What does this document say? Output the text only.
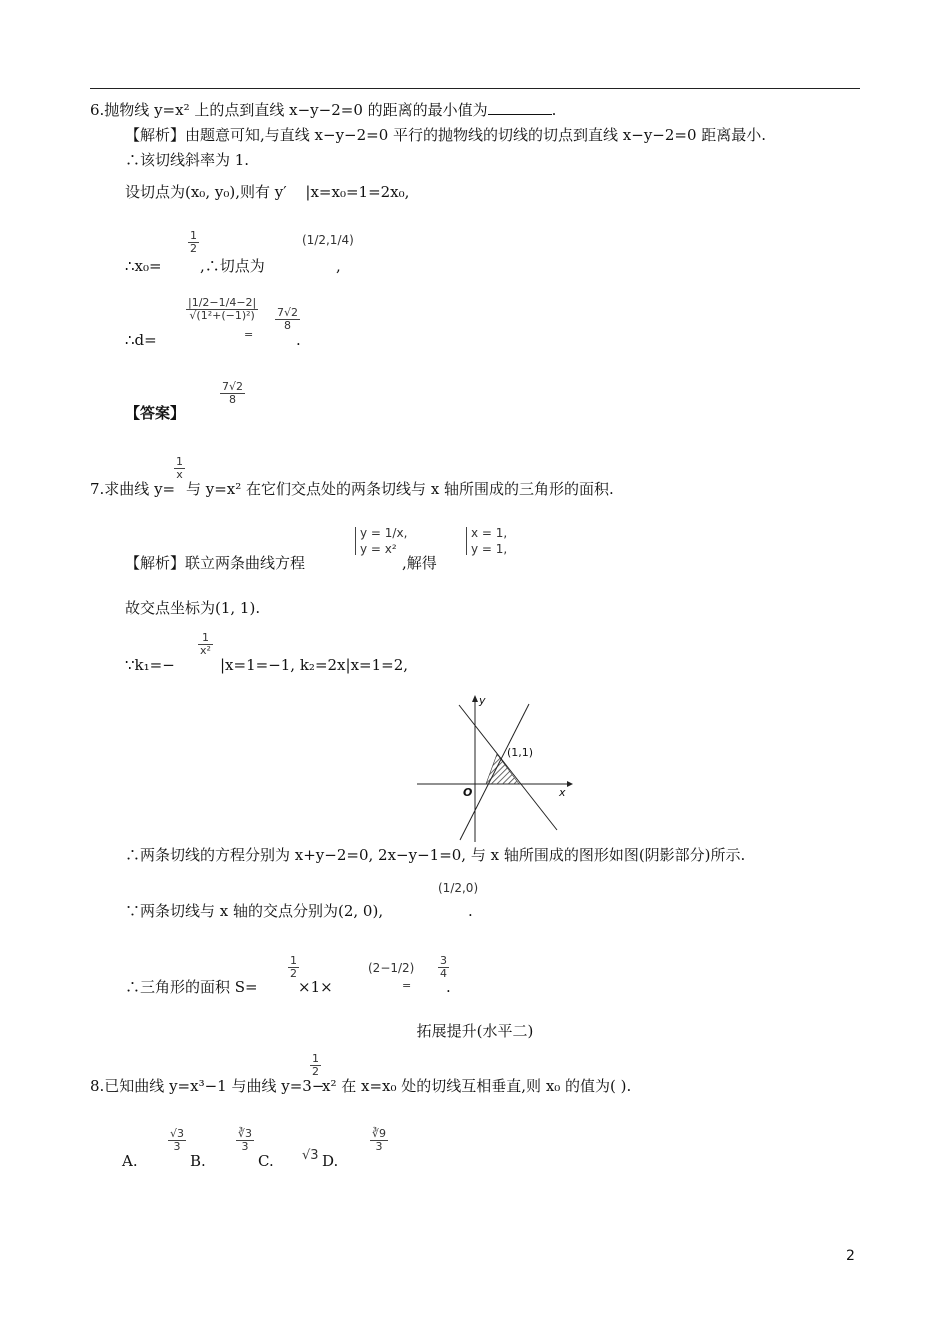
6.抛物线 y=x² 上的点到直线 x−y−2=0 的距离的最小值为	.
【解析】由题意可知,与直线 x−y−2=0 平行的抛物线的切线的切点到直线 x−y−2=0 距离最小.
∴该切线斜率为 1.
设切点为(x₀, y₀),则有 y′ |x=x₀=1=2x₀,
∴x₀=
$\frac{1}{2}$
,∴切点为
(1/2,1/4)
,
∴d=
$\frac{|1/2-1/4-2|}{\text{√(1²+(−1)²)}}$
=
$\frac{7√2}{8}$
.
【答案】
$\frac{7√2}{8}$
7.求曲线 y=
$\frac{1}{x}$
与 y=x² 在它们交点处的两条切线与 x 轴所围成的三角形的面积.
【解析】联立两条曲线方程
y = 1/x,
y = x²
,解得
x = 1,
y = 1,
故交点坐标为(1, 1).
∵k₁=−
$\frac{1}{\text{x²}}$
|x=1=−1, k₂=2x|x=1=2,
y
x
O
(1,1)
∴两条切线的方程分别为 x+y−2=0, 2x−y−1=0, 与 x 轴所围成的图形如图(阴影部分)所示.
∵两条切线与 x 轴的交点分别为(2, 0),
(1/2,0)
.
∴三角形的面积 S=
$\frac{1}{2}$
×1×
(2−1/2)
=
$\frac{3}{4}$
.
拓展提升(水平二)
8.已知曲线 y=x³−1 与曲线 y=3−
$\frac{1}{2}$
x² 在 x=x₀ 处的切线互相垂直,则 x₀ 的值为( ).
A.
$\frac{√3}{3}$
B.
$\frac{∛3}{3}$
C. √3 D.
$\frac{∛9}{3}$
2
